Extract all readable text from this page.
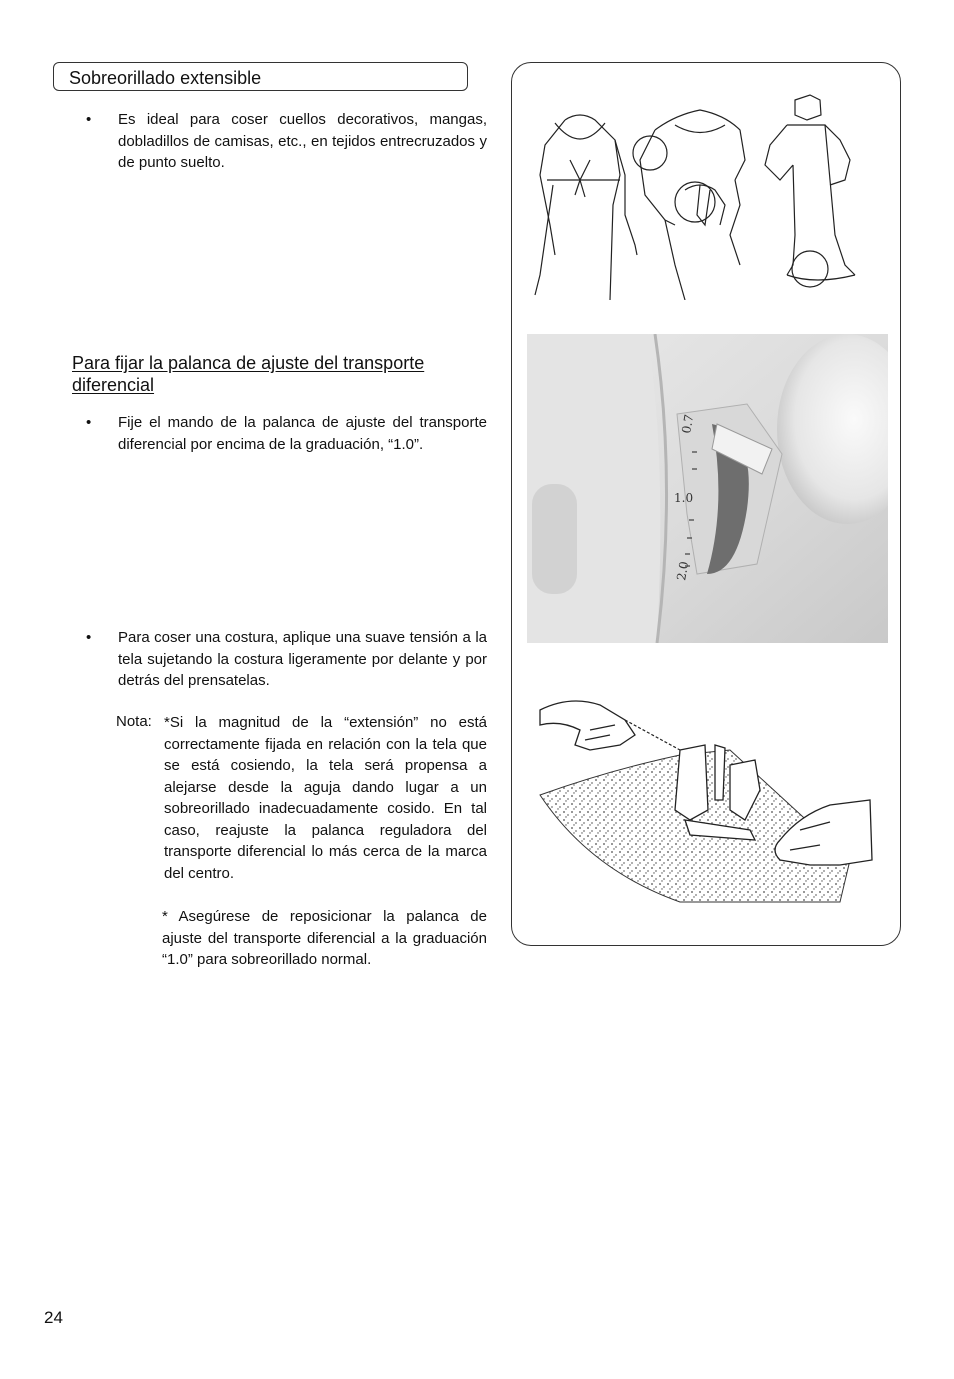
Sobreorillado extensible
• Es ideal para coser cuellos decorativos, mangas, dobladillos de camisas, etc., en tejidos entrecruzados y de punto suelto.
Para fijar la palanca de ajuste del transporte
diferencial
• Fije el mando de la palanca de ajuste del transporte diferencial por encima de la graduación, “1.0”.
• Para coser una costura, aplique una suave tensión a la tela sujetando la costura ligeramente por delante y por detrás del prensatelas.
Nota: *Si la magnitud de la “extensión” no está correctamente fijada en relación con la tela que se está cosiendo, la tela será propensa a alejarse desde la aguja dando lugar a un sobreorillado inadecuadamente cosido. En tal caso, reajuste la palanca reguladora del transporte diferencial lo más cerca de la marca del centro.
* Asegúrese de reposicionar la palanca de ajuste del transporte diferencial a la graduación “1.0” para sobreorillado normal.
24
0.7
1.0
2.0
